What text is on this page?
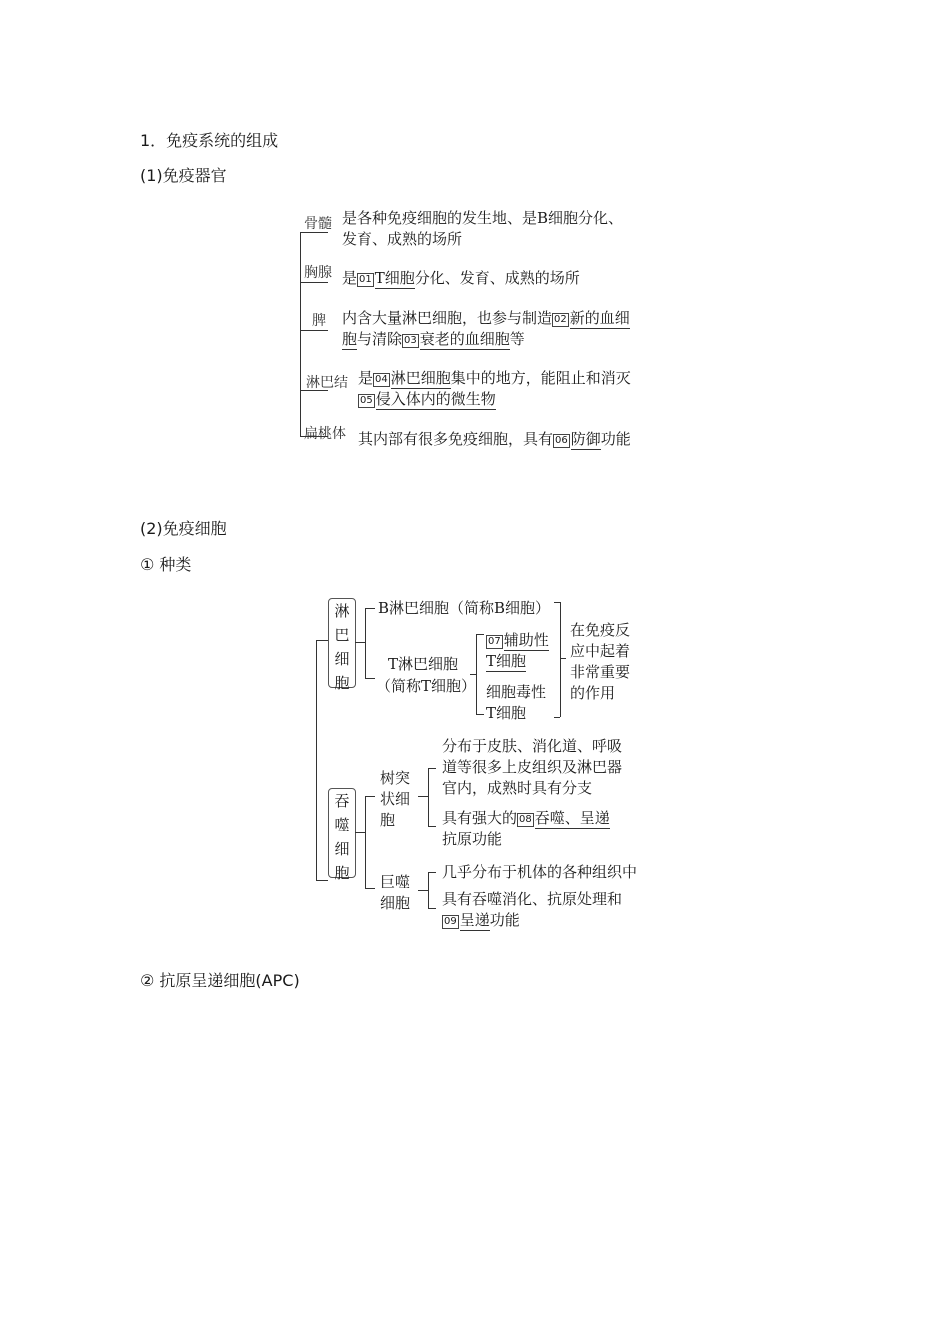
1．免疫系统的组成
(1)免疫器官
骨髓 是各种免疫细胞的发生地、是B细胞分化、
发育、成熟的场所
胸腺 是 01 T细胞分化、发育、成熟的场所
脾 内含大量淋巴细胞，也参与制造 02 新的血细
胞与清除 03 衰老的血细胞等
淋巴结 是 04 淋巴细胞集中的地方，能阻止和消灭
05 侵入体内的微生物
扁桃体 其内部有很多免疫细胞，具有 06 防御功能
(2)免疫细胞
① 种类
淋
巴
细
胞
B淋巴细胞（简称B细胞）
T淋巴细胞
（简称T细胞）
07 辅助性
T细胞
细胞毒性
T细胞
在免疫反
应中起着
非常重要
的作用
吞
噬
细
胞
树突
状细
胞
分布于皮肤、消化道、呼吸
道等很多上皮组织及淋巴器
官内，成熟时具有分支
具有强大的 08 吞噬、呈递
抗原功能
巨噬
细胞
几乎分布于机体的各种组织中
具有吞噬消化、抗原处理和
09 呈递功能
② 抗原呈递细胞(APC)
